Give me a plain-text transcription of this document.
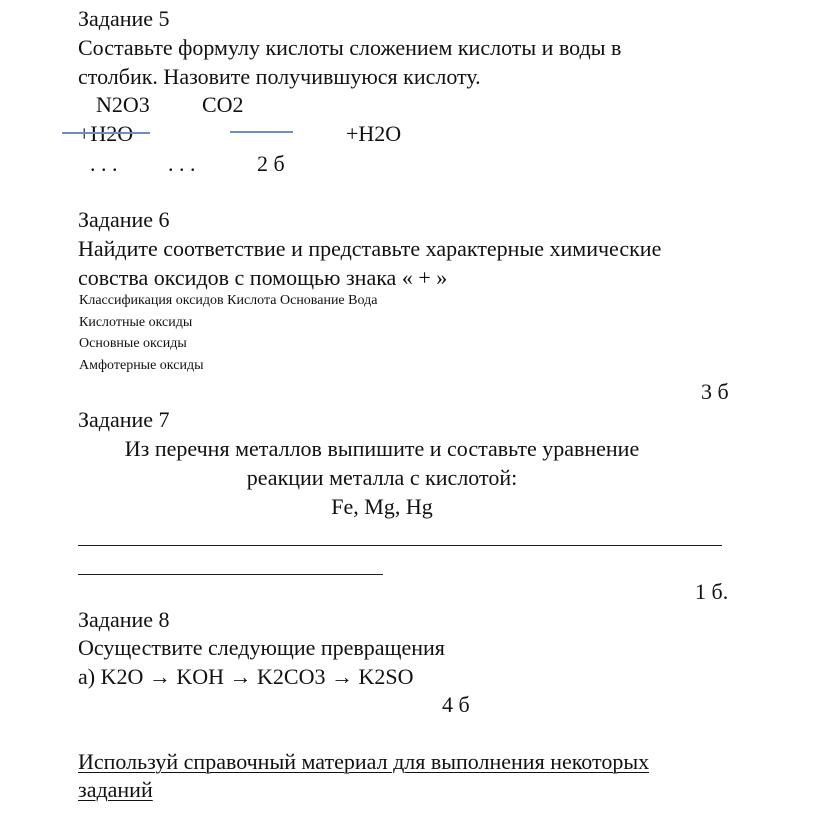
Задание 5
Составьте формулу кислоты сложением кислоты и воды в
столбик. Назовите получившуюся кислоту.
N2O3 CO2
+H2O	+H2O
. . . . . .	2 б
Задание 6
Найдите соответствие и представьте характерные химические
совства оксидов с помощью знака « + »
Классификация оксидов Кислота Основание Вода
Кислотные оксиды
Основные оксиды
Амфотерные оксиды
3 б
Задание 7
Из перечня металлов выпишите и составьте уравнение
реакции металла с кислотой:
Fe, Mg, Hg
1 б.
Задание 8
Осуществите следующие превращения
а) K2O → KOH → K2CO3 → K2SO
4 б
Используй справочный материал для выполнения некоторых
заданий
